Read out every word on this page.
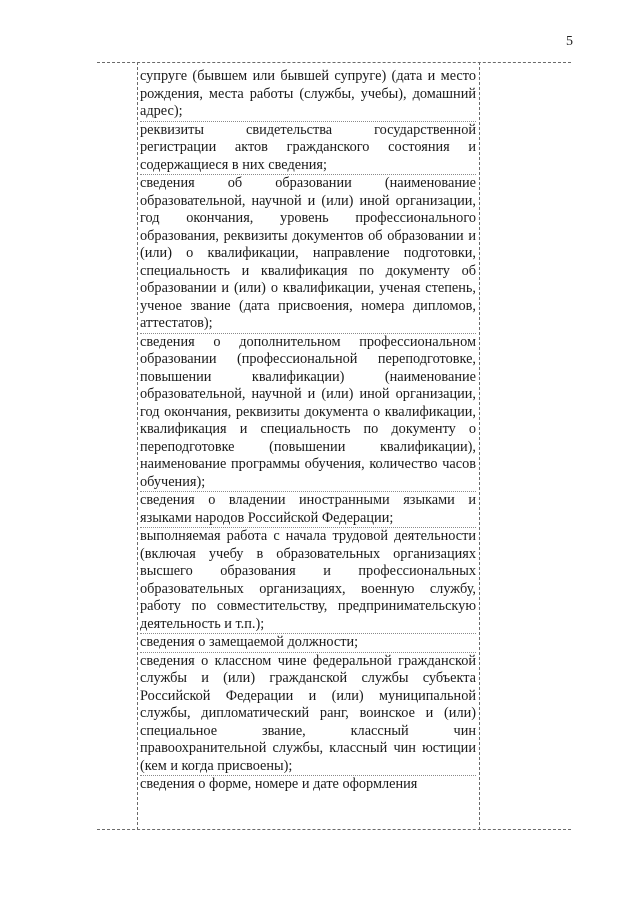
5

супруге (бывшем или бывшей супруге) (дата и место рождения, места работы (службы, учебы), домашний адрес);

реквизиты свидетельства государственной регистрации актов гражданского состояния и содержащиеся в них сведения;

сведения об образовании (наименование образовательной, научной и (или) иной организации, год окончания, уровень профессионального образования, реквизиты документов об образовании и (или) о квалификации, направление подготовки, специальность и квалификация по документу об образовании и (или) о квалификации, ученая степень, ученое звание (дата присвоения, номера дипломов, аттестатов);

сведения о дополнительном профессиональном образовании (профессиональной переподготовке, повышении квалификации) (наименование образовательной, научной и (или) иной организации, год окончания, реквизиты документа о квалификации, квалификация и специальность по документу о переподготовке (повышении квалификации), наименование программы обучения, количество часов обучения);

сведения о владении иностранными языками и языками народов Российской Федерации;

выполняемая работа с начала трудовой деятельности (включая учебу в образовательных организациях высшего образования и профессиональных образовательных организациях, военную службу, работу по совместительству, предпринимательскую деятельность и т.п.);

сведения о замещаемой должности;

сведения о классном чине федеральной гражданской службы и (или) гражданской службы субъекта Российской Федерации и (или) муниципальной службы, дипломатический ранг, воинское и (или) специальное звание, классный чин правоохранительной службы, классный чин юстиции (кем и когда присвоены);

сведения о форме, номере и дате оформления
